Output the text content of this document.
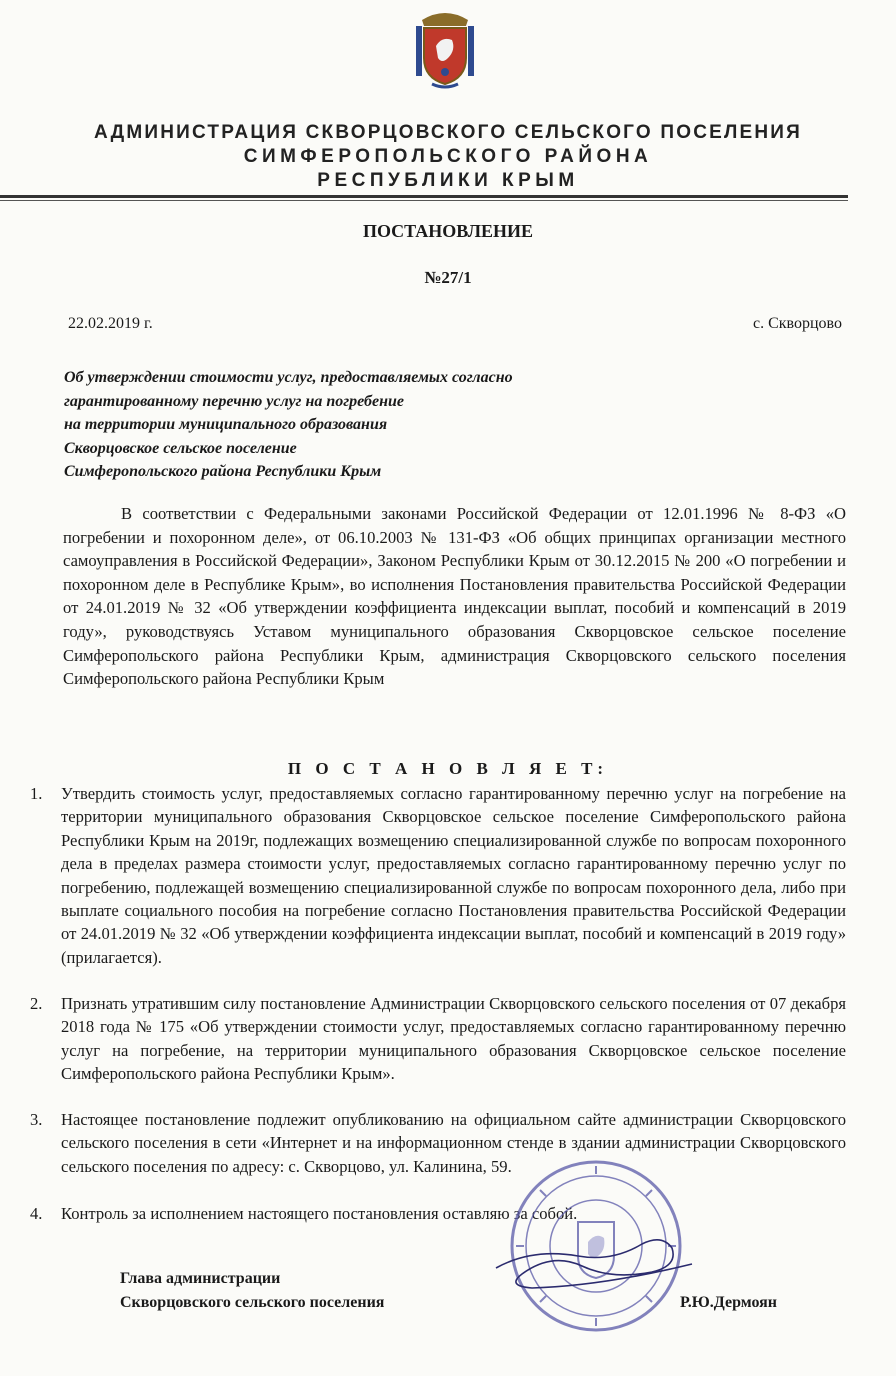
АДМИНИСТРАЦИЯ СКВОРЦОВСКОГО СЕЛЬСКОГО ПОСЕЛЕНИЯ
СИМФЕРОПОЛЬСКОГО РАЙОНА
РЕСПУБЛИКИ КРЫМ
ПОСТАНОВЛЕНИЕ
№27/1
22.02.2019 г.	с. Скворцово
Об утверждении стоимости услуг, предоставляемых согласно
гарантированному перечню услуг на погребение
на территории муниципального образования
Скворцовское сельское поселение
Симферопольского района Республики Крым
В соответствии с Федеральными законами Российской Федерации от 12.01.1996 № 8-ФЗ «О погребении и похоронном деле», от 06.10.2003 № 131-ФЗ «Об общих принципах организации местного самоуправления в Российской Федерации», Законом Республики Крым от 30.12.2015 № 200 «О погребении и похоронном деле в Республике Крым», во исполнения Постановления правительства Российской Федерации от 24.01.2019 № 32 «Об утверждении коэффициента индексации выплат, пособий и компенсаций в 2019 году», руководствуясь Уставом муниципального образования Скворцовское сельское поселение Симферопольского района Республики Крым, администрация Скворцовского сельского поселения Симферопольского района Республики Крым
П О С Т А Н О В Л Я Е Т:
1. Утвердить стоимость услуг, предоставляемых согласно гарантированному перечню услуг на погребение на территории муниципального образования Скворцовское сельское поселение Симферопольского района Республики Крым на 2019г, подлежащих возмещению специализированной службе по вопросам похоронного дела в пределах размера стоимости услуг, предоставляемых согласно гарантированному перечню услуг по погребению, подлежащей возмещению специализированной службе по вопросам похоронного дела, либо при выплате социального пособия на погребение согласно Постановления правительства Российской Федерации от 24.01.2019 № 32 «Об утверждении коэффициента индексации выплат, пособий и компенсаций в 2019 году» (прилагается).
2. Признать утратившим силу постановление Администрации Скворцовского сельского поселения от 07 декабря 2018 года № 175 «Об утверждении стоимости услуг, предоставляемых согласно гарантированному перечню услуг на погребение, на территории муниципального образования Скворцовское сельское поселение Симферопольского района Республики Крым».
3. Настоящее постановление подлежит опубликованию на официальном сайте администрации Скворцовского сельского поселения в сети «Интернет и на информационном стенде в здании администрации Скворцовского сельского поселения по адресу: с. Скворцово, ул. Калинина, 59.
4. Контроль за исполнением настоящего постановления оставляю за собой.
Глава администрации
Скворцовского сельского поселения	Р.Ю.Дермоян
